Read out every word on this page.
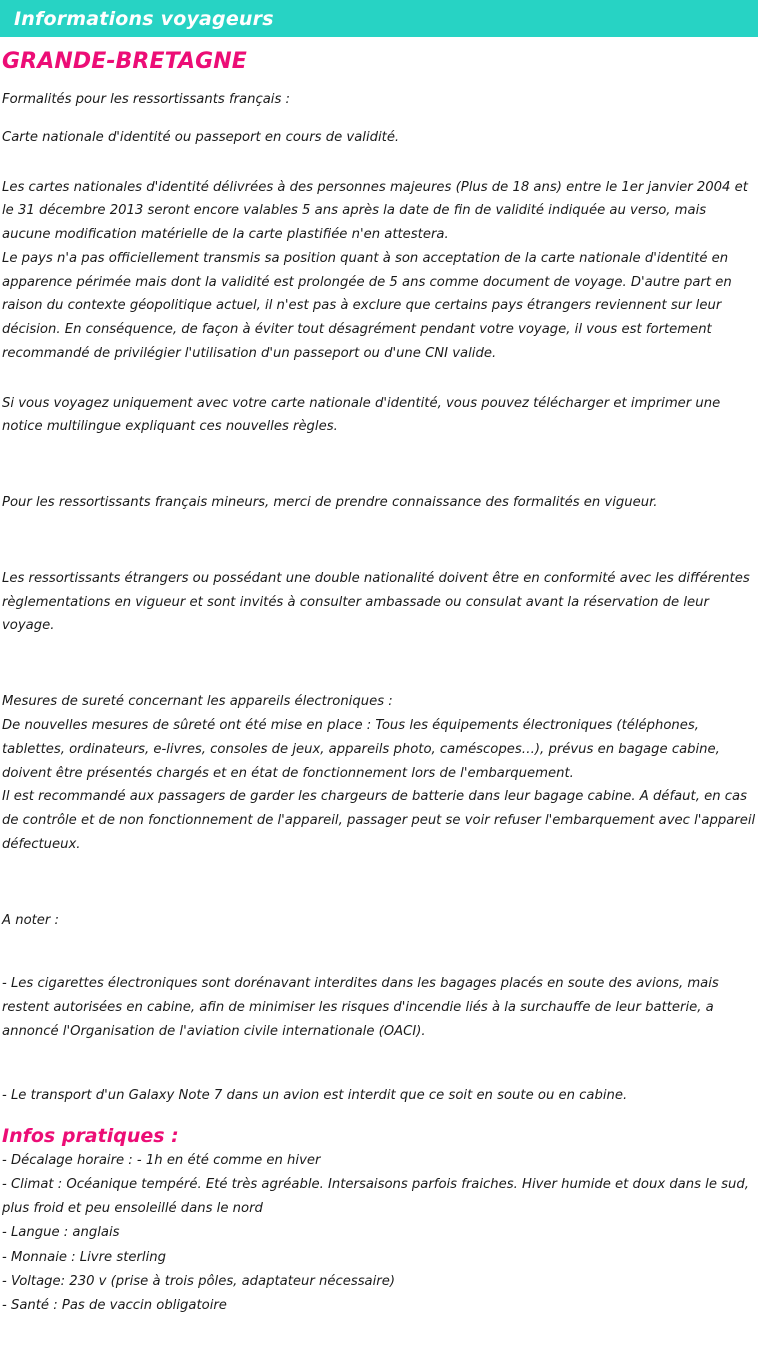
Informations voyageurs
GRANDE-BRETAGNE

Formalités pour les ressortissants français :

Carte nationale d'identité ou passeport en cours de validité.

Les cartes nationales d'identité délivrées à des personnes majeures (Plus de 18 ans) entre le 1er janvier 2004 et le 31 décembre 2013 seront encore valables 5 ans après la date de fin de validité indiquée au verso, mais aucune modification matérielle de la carte plastifiée n'en attestera.

Le pays n'a pas officiellement transmis sa position quant à son acceptation de la carte nationale d'identité en apparence périmée mais dont la validité est prolongée de 5 ans comme document de voyage. D'autre part en raison du contexte géopolitique actuel, il n'est pas à exclure que certains pays étrangers reviennent sur leur décision. En conséquence, de façon à éviter tout désagrément pendant votre voyage, il vous est fortement recommandé de privilégier l'utilisation d'un passeport ou d'une CNI valide.

Si vous voyagez uniquement avec votre carte nationale d'identité, vous pouvez télécharger et imprimer une notice multilingue expliquant ces nouvelles règles.

Pour les ressortissants français mineurs, merci de prendre connaissance des formalités en vigueur.

Les ressortissants étrangers ou possédant une double nationalité doivent être en conformité avec les différentes règlementations en vigueur et sont invités à consulter ambassade ou consulat avant la réservation de leur voyage.

Mesures de sureté concernant les appareils électroniques :

De nouvelles mesures de sûreté ont été mise en place : Tous les équipements électroniques (téléphones, tablettes, ordinateurs, e-livres, consoles de jeux, appareils photo, caméscopes…), prévus en bagage cabine, doivent être présentés chargés et en état de fonctionnement lors de l'embarquement.

Il est recommandé aux passagers de garder les chargeurs de batterie dans leur bagage cabine. A défaut, en cas de contrôle et de non fonctionnement de l'appareil, passager peut se voir refuser l'embarquement avec l'appareil défectueux.

A noter :

- Les cigarettes électroniques sont dorénavant interdites dans les bagages placés en soute des avions, mais restent autorisées en cabine, afin de minimiser les risques d'incendie liés à la surchauffe de leur batterie, a annoncé l'Organisation de l'aviation civile internationale (OACI).

- Le transport d'un Galaxy Note 7 dans un avion est interdit que ce soit en soute ou en cabine.

Infos pratiques :

- Décalage horaire : - 1h en été comme en hiver

- Climat : Océanique tempéré. Eté très agréable. Intersaisons parfois fraiches. Hiver humide et doux dans le sud, plus froid et peu ensoleillé dans le nord

- Langue : anglais

- Monnaie : Livre sterling

- Voltage: 230 v (prise à trois pôles, adaptateur nécessaire)

- Santé : Pas de vaccin obligatoire
